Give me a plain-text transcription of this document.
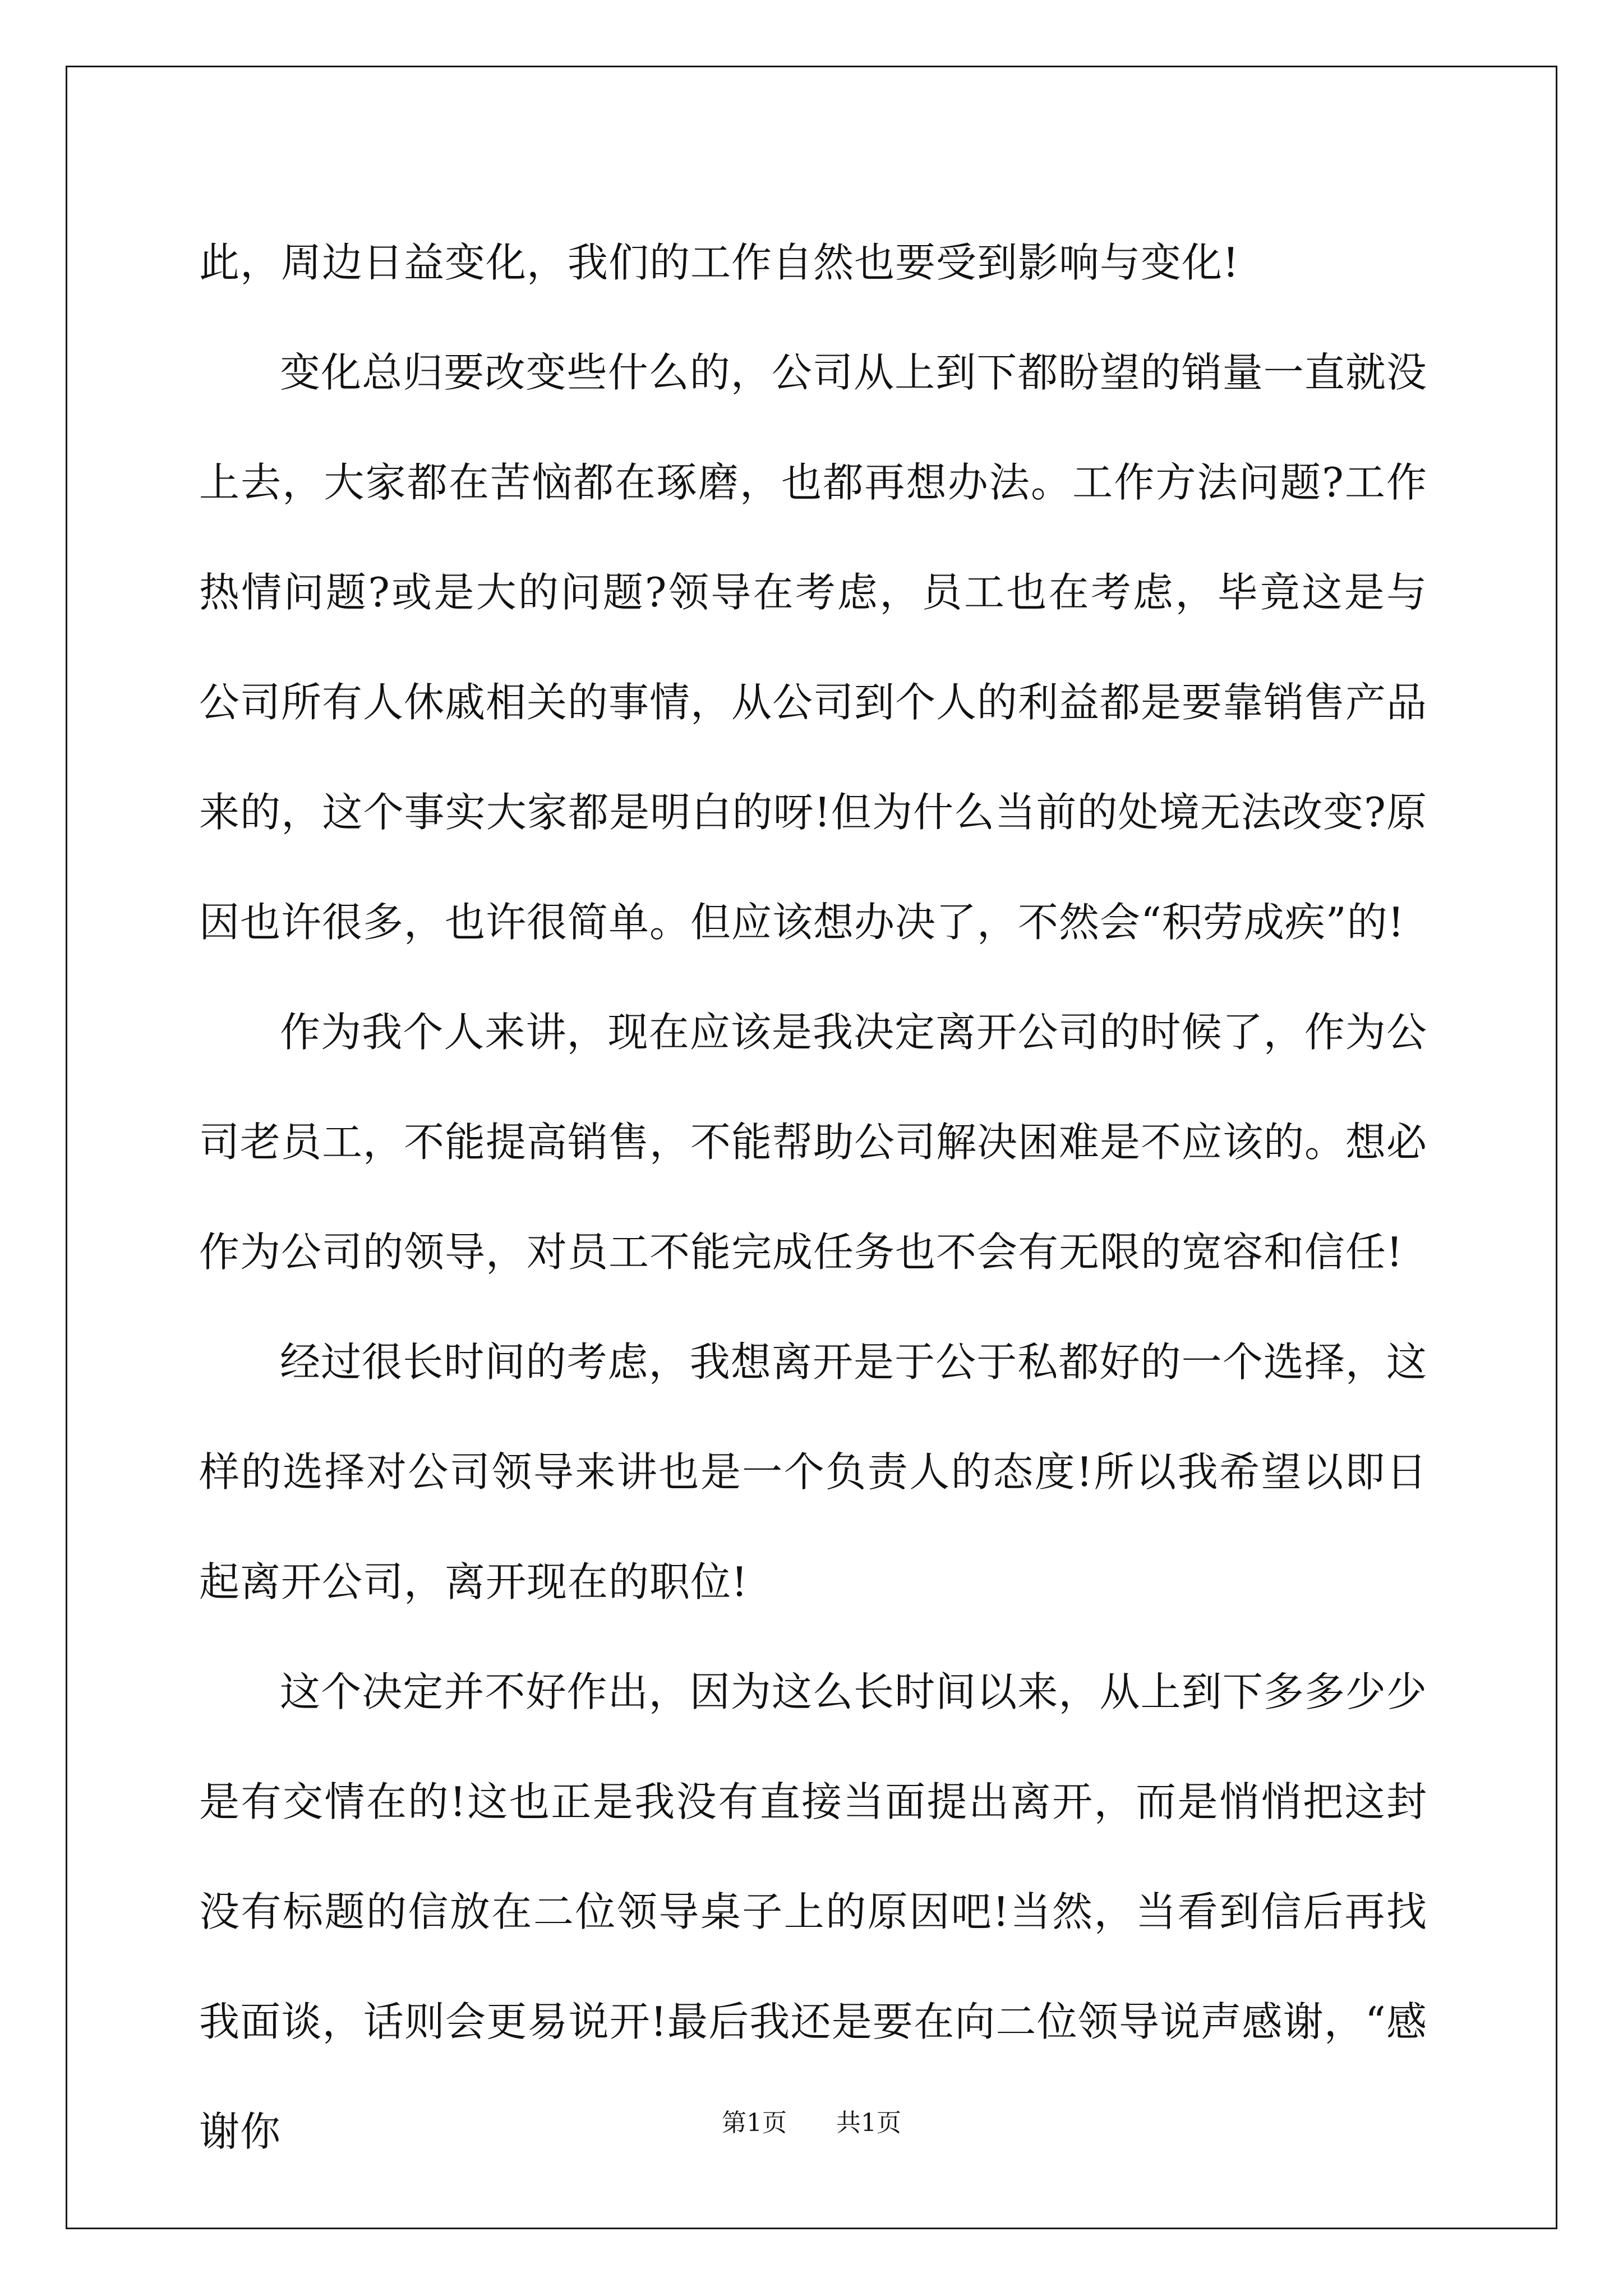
此，周边日益变化，我们的工作自然也要受到影响与变化!

变化总归要改变些什么的，公司从上到下都盼望的销量一直就没上去，大家都在苦恼都在琢磨，也都再想办法。工作方法问题?工作热情问题?或是大的问题?领导在考虑，员工也在考虑，毕竟这是与公司所有人休戚相关的事情，从公司到个人的利益都是要靠销售产品来的，这个事实大家都是明白的呀!但为什么当前的处境无法改变?原因也许很多，也许很简单。但应该想办决了，不然会“积劳成疾”的!

作为我个人来讲，现在应该是我决定离开公司的时候了，作为公司老员工，不能提高销售，不能帮助公司解决困难是不应该的。想必作为公司的领导，对员工不能完成任务也不会有无限的宽容和信任!

经过很长时间的考虑，我想离开是于公于私都好的一个选择，这样的选择对公司领导来讲也是一个负责人的态度!所以我希望以即日起离开公司，离开现在的职位!

这个决定并不好作出，因为这么长时间以来，从上到下多多少少是有交情在的!这也正是我没有直接当面提出离开，而是悄悄把这封没有标题的信放在二位领导桌子上的原因吧!当然，当看到信后再找我面谈，话则会更易说开!最后我还是要在向二位领导说声感谢，“感谢你	第1页 共1页
